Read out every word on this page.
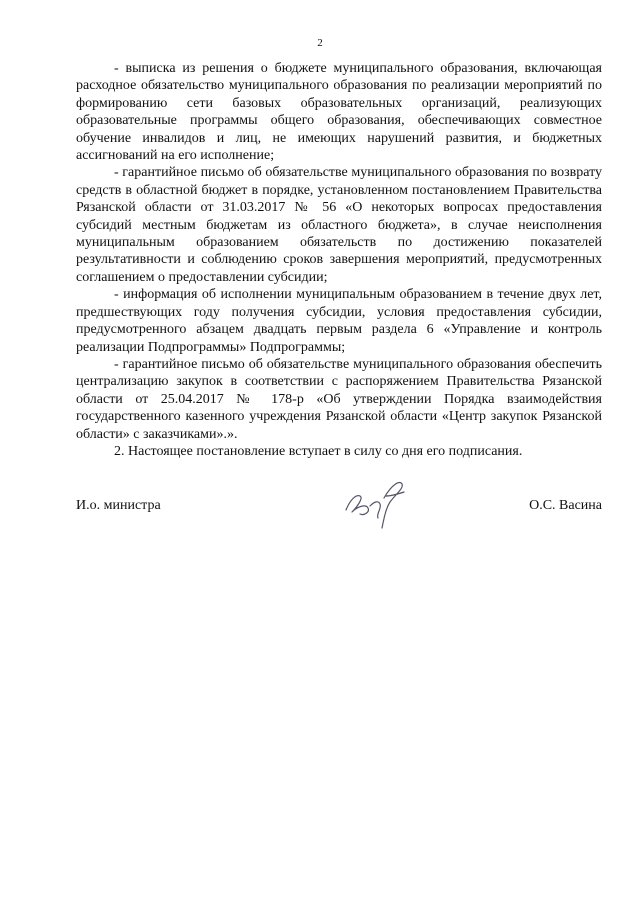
2

- выписка из решения о бюджете муниципального образования, включающая расходное обязательство муниципального образования по реализации мероприятий по формированию сети базовых образовательных организаций, реализующих образовательные программы общего образования, обеспечивающих совместное обучение инвалидов и лиц, не имеющих нарушений развития, и бюджетных ассигнований на его исполнение;

- гарантийное письмо об обязательстве муниципального образования по возврату средств в областной бюджет в порядке, установленном постановлением Правительства Рязанской области от 31.03.2017 № 56 «О некоторых вопросах предоставления субсидий местным бюджетам из областного бюджета», в случае неисполнения муниципальным образованием обязательств по достижению показателей результативности и соблюдению сроков завершения мероприятий, предусмотренных соглашением о предоставлении субсидии;

- информация об исполнении муниципальным образованием в течение двух лет, предшествующих году получения субсидии, условия предоставления субсидии, предусмотренного абзацем двадцать первым раздела 6 «Управление и контроль реализации Подпрограммы» Подпрограммы;

- гарантийное письмо об обязательстве муниципального образования обеспечить централизацию закупок в соответствии с распоряжением Правительства Рязанской области от 25.04.2017 № 178-р «Об утверждении Порядка взаимодействия государственного казенного учреждения Рязанской области «Центр закупок Рязанской области» с заказчиками».».

2. Настоящее постановление вступает в силу со дня его подписания.

И.о. министра	О.С. Васина
